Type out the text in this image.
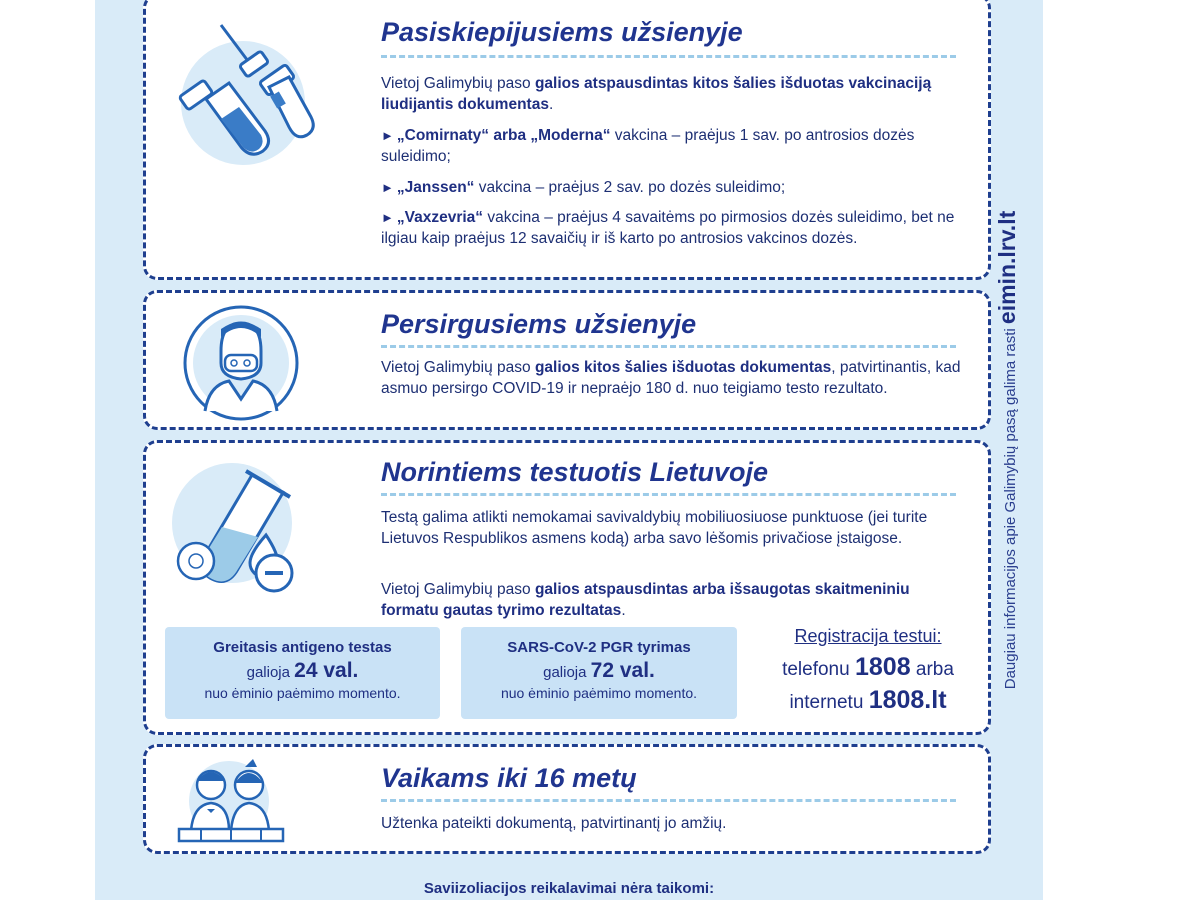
Pasiskiepijusiems užsienyje

Vietoj Galimybių paso galios atspausdintas kitos šalies išduotas vakcinaciją liudijantis dokumentas.

► „Comirnaty“ arba „Moderna“ vakcina – praėjus 1 sav. po antrosios dozės suleidimo;

► „Janssen“ vakcina – praėjus 2 sav. po dozės suleidimo;

► „Vaxzevria“ vakcina – praėjus 4 savaitėms po pirmosios dozės suleidimo, bet ne ilgiau kaip praėjus 12 savaičių ir iš karto po antrosios vakcinos dozės.

Persirgusiems užsienyje

Vietoj Galimybių paso galios kitos šalies išduotas dokumentas, patvirtinantis, kad asmuo persirgo COVID-19 ir nepraėjo 180 d. nuo teigiamo testo rezultato.

Norintiems testuotis Lietuvoje

Testą galima atlikti nemokamai savivaldybių mobiliuosiuose punktuose (jei turite Lietuvos Respublikos asmens kodą) arba savo lėšomis privačiose įstaigose.

Vietoj Galimybių paso galios atspausdintas arba išsaugotas skaitmeniniu formatu gautas tyrimo rezultatas.

Greitasis antigeno testas

galioja 24 val.

nuo ėminio paėmimo momento.

SARS-CoV-2 PGR tyrimas

galioja 72 val.

nuo ėminio paėmimo momento.

Registracija testui:

telefonu 1808 arba

internetu 1808.lt

Vaikams iki 16 metų

Užtenka pateikti dokumentą, patvirtinantį jo amžių.

Saviizoliacijos reikalavimai nėra taikomi:
Daugiau informacijos apie Galimybių pasą galima rasti eimin.lrv.lt
